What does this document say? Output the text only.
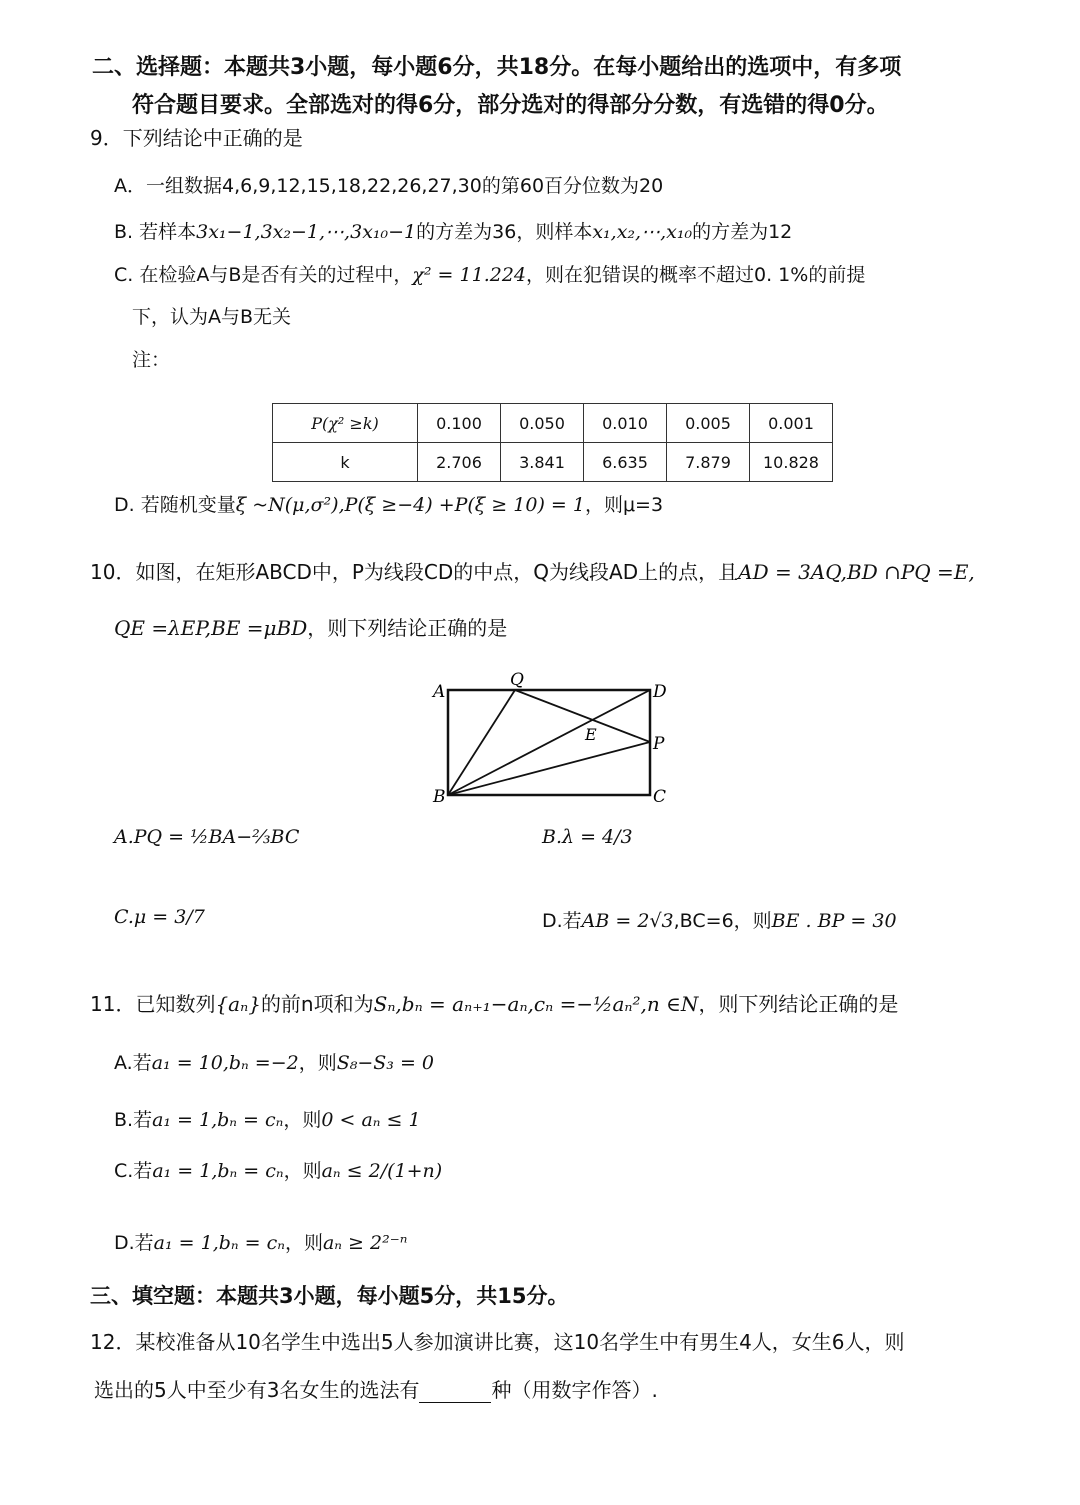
二、选择题：本题共3小题，每小题6分，共18分。在每小题给出的选项中，有多项
符合题目要求。全部选对的得6分，部分选对的得部分分数，有选错的得0分。
9．下列结论中正确的是
A．一组数据4,6,9,12,15,18,22,26,27,30的第60百分位数为20
B. 若样本3x₁−1,3x₂−1,⋯,3x₁₀−1的方差为36，则样本x₁,x₂,⋯,x₁₀的方差为12
C. 在检验A与B是否有关的过程中，χ² = 11.224，则在犯错误的概率不超过0. 1%的前提
下，认为A与B无关
注：
P(χ² ≥k)	0.100	0.050	0.010	0.005	0.001
k	2.706	3.841	6.635	7.879	10.828
D. 若随机变量ξ ~N(μ,σ²),P(ξ ≥−4) +P(ξ ≥ 10) = 1，则μ=3
10．如图，在矩形ABCD中，P为线段CD的中点，Q为线段AD上的点，且AD = 3AQ,BD ∩PQ =E,
QE =λEP,BE =μBD，则下列结论正确的是
A
Q
D
E	P
B	C
A.PQ = ½BA−⅔BC	B.λ = 4/3
C.μ = 3/7	D.若AB = 2√3,BC=6，则BE . BP = 30
11．已知数列{aₙ}的前n项和为Sₙ,bₙ = aₙ₊₁−aₙ,cₙ =−½aₙ²,n ∈N，则下列结论正确的是
A.若a₁ = 10,bₙ =−2，则S₈−S₃ = 0
B.若a₁ = 1,bₙ = cₙ，则0 < aₙ ≤ 1
C.若a₁ = 1,bₙ = cₙ，则aₙ ≤ 2/(1+n)
D.若a₁ = 1,bₙ = cₙ，则aₙ ≥ 2²⁻ⁿ
三、填空题：本题共3小题，每小题5分，共15分。
12．某校准备从10名学生中选出5人参加演讲比赛，这10名学生中有男生4人，女生6人，则
选出的5人中至少有3名女生的选法有	种（用数字作答）.
